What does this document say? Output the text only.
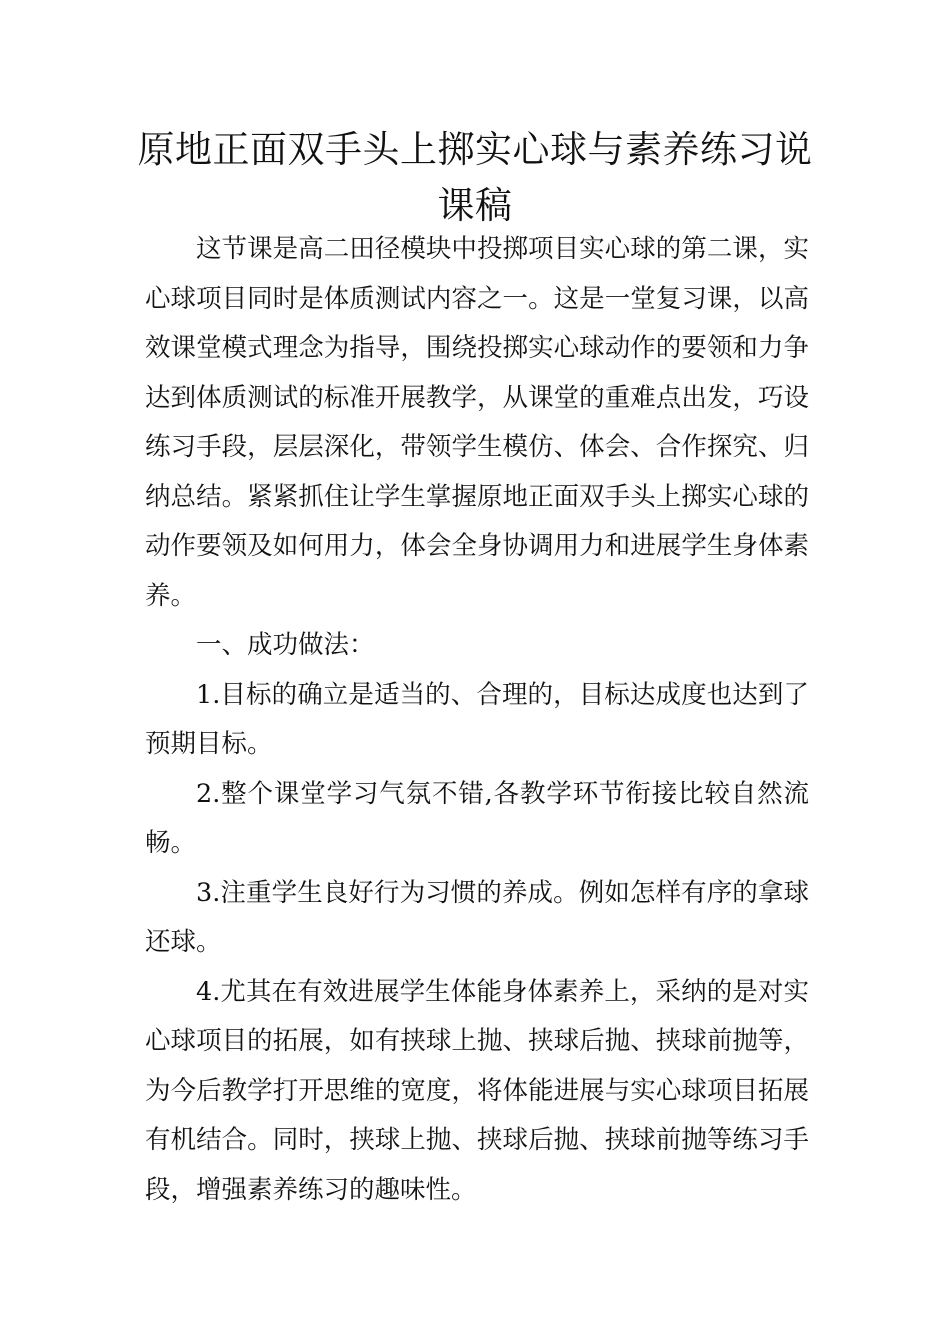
原地正面双手头上掷实心球与素养练习说课稿

这节课是高二田径模块中投掷项目实心球的第二课，实心球项目同时是体质测试内容之一。这是一堂复习课，以高效课堂模式理念为指导，围绕投掷实心球动作的要领和力争达到体质测试的标准开展教学，从课堂的重难点出发，巧设练习手段，层层深化，带领学生模仿、体会、合作探究、归纳总结。紧紧抓住让学生掌握原地正面双手头上掷实心球的动作要领及如何用力，体会全身协调用力和进展学生身体素养。

一、成功做法：

1.目标的确立是适当的、合理的，目标达成度也达到了预期目标。

2.整个课堂学习气氛不错,各教学环节衔接比较自然流畅。

3.注重学生良好行为习惯的养成。例如怎样有序的拿球还球。

4.尤其在有效进展学生体能身体素养上，采纳的是对实心球项目的拓展，如有挟球上抛、挟球后抛、挟球前抛等，为今后教学打开思维的宽度，将体能进展与实心球项目拓展有机结合。同时，挟球上抛、挟球后抛、挟球前抛等练习手段，增强素养练习的趣味性。
